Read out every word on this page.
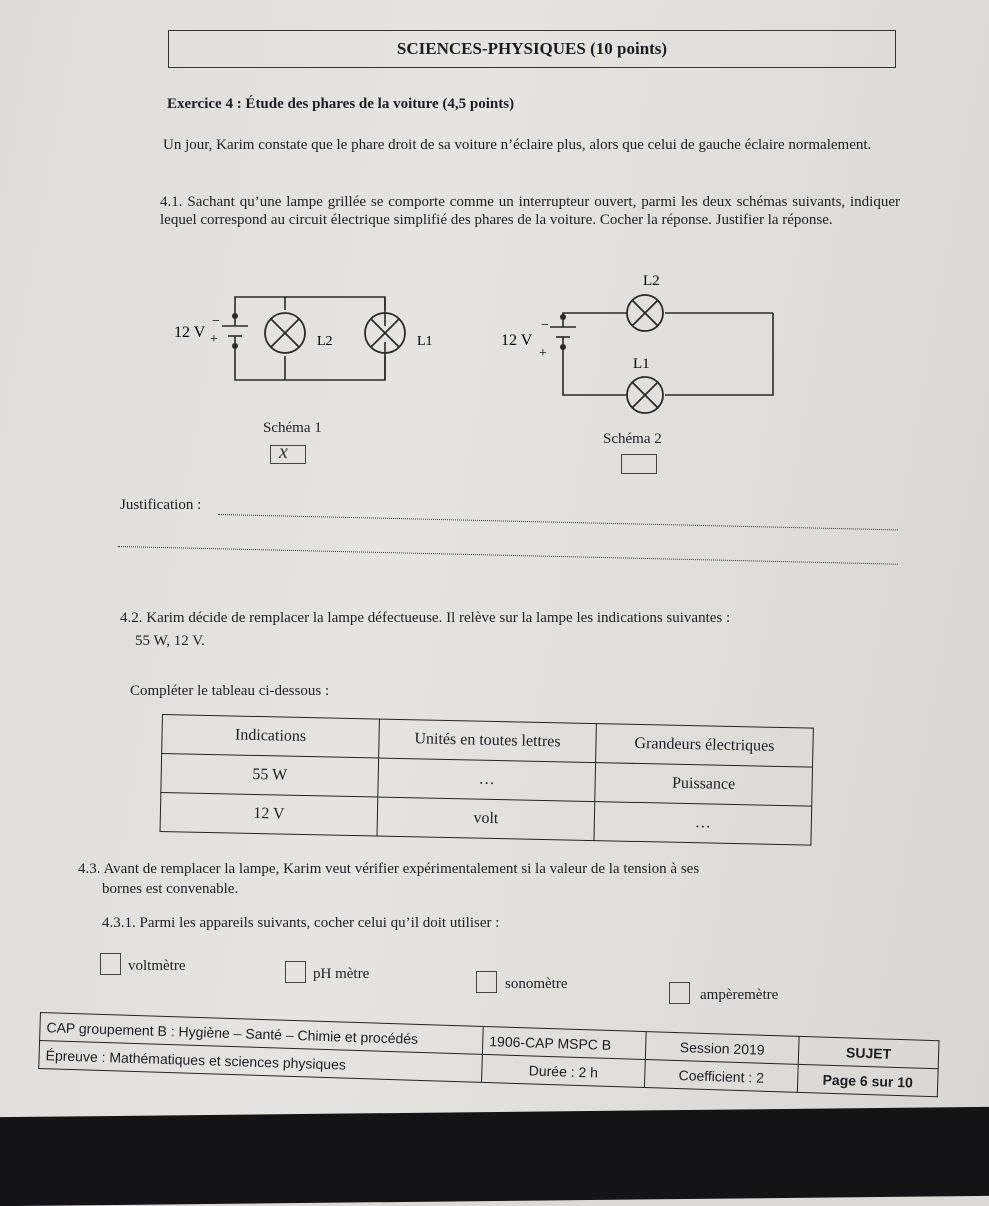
SCIENCES-PHYSIQUES (10 points)
Exercice 4 : Étude des phares de la voiture (4,5 points)
Un jour, Karim constate que le phare droit de sa voiture n’éclaire plus, alors que celui de gauche éclaire normalement.
4.1. Sachant qu’une lampe grillée se comporte comme un interrupteur ouvert, parmi les deux schémas suivants, indiquer lequel correspond au circuit électrique simplifié des phares de la voiture. Cocher la réponse. Justifier la réponse.
12 V
−
+	L2	L1
Schéma 1
x
L2
L1
12 V
−
+
Schéma 2
Justification :
4.2. Karim décide de remplacer la lampe défectueuse. Il relève sur la lampe les indications suivantes :
55 W, 12 V.
Compléter le tableau ci-dessous :
Indications	Unités en toutes lettres	Grandeurs électriques
55 W	…	Puissance
12 V	volt	…
4.3. Avant de remplacer la lampe, Karim veut vérifier expérimentalement si la valeur de la tension à ses
bornes est convenable.
4.3.1. Parmi les appareils suivants, cocher celui qu’il doit utiliser :
voltmètre	pH mètre
sonomètre
ampèremètre
CAP groupement B : Hygiène – Santé – Chimie et procédés	1906-CAP MSPC B	Session 2019	SUJET
Épreuve : Mathématiques et sciences physiques	Durée : 2 h	Coefficient : 2	Page 6 sur 10
